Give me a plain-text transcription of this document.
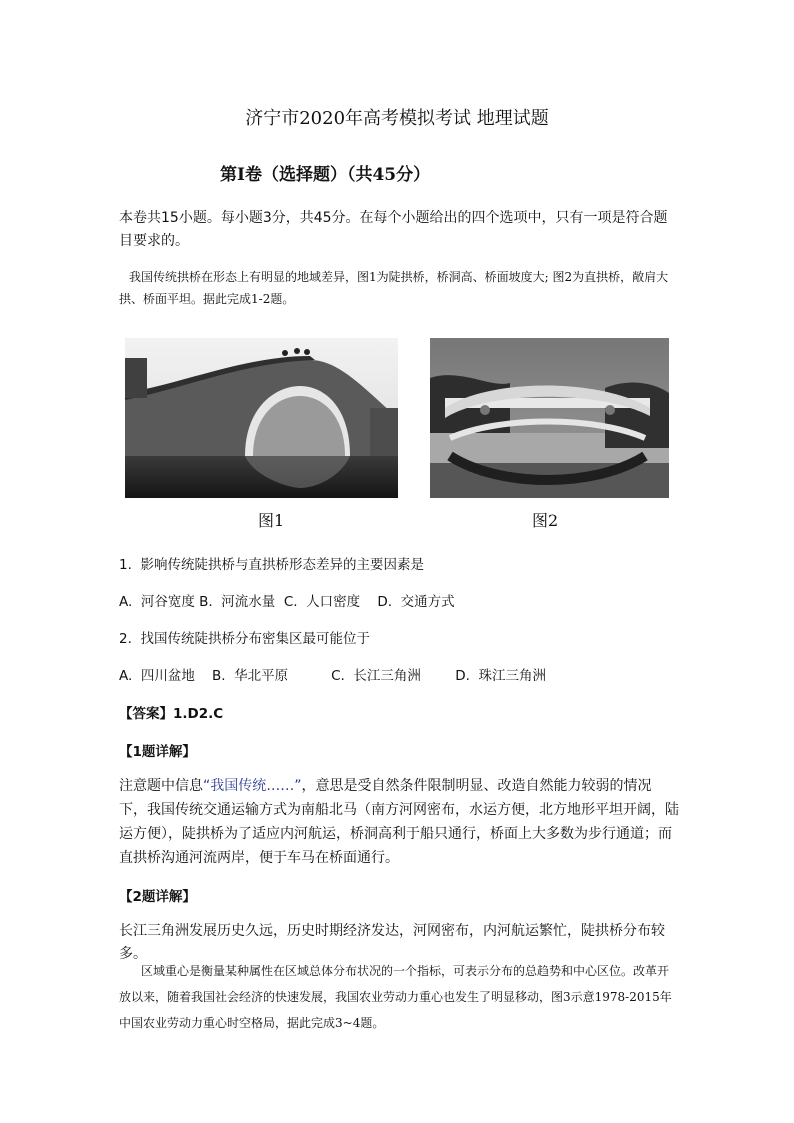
济宁市2020年高考模拟考试 地理试题
第I卷（选择题）（共45分）
本卷共15小题。每小题3分，共45分。在每个小题给出的四个选项中，只有一项是符合题目要求的。
我国传统拱桥在形态上有明显的地域差异，图1为陡拱桥，桥洞高、桥面坡度大; 图2为直拱桥，敞肩大拱、桥面平坦。据此完成1-2题。
图1	图2
1.  影响传统陡拱桥与直拱桥形态差异的主要因素是
A.  河谷宽度 B.  河流水量  C.  人口密度    D.  交通方式
2.  找国传统陡拱桥分布密集区最可能位于
A.  四川盆地    B.  华北平原          C.  长江三角洲        D.  珠江三角洲
【答案】1.D2.C
【1题详解】
注意题中信息“我国传统……”，意思是受自然条件限制明显、改造自然能力较弱的情况下，我国传统交通运输方式为南船北马（南方河网密布，水运方便，北方地形平坦开阔，陆运方便），陡拱桥为了适应内河航运，桥洞高利于船只通行，桥面上大多数为步行通道；而直拱桥沟通河流两岸，便于车马在桥面通行。
【2题详解】
长江三角洲发展历史久远，历史时期经济发达，河网密布，内河航运繁忙，陡拱桥分布较多。
区域重心是衡量某种属性在区域总体分布状况的一个指标，可表示分布的总趋势和中心区位。改革开放以来，随着我国社会经济的快速发展，我国农业劳动力重心也发生了明显移动，图3示意1978-2015年中国农业劳动力重心时空格局，据此完成3~4题。
